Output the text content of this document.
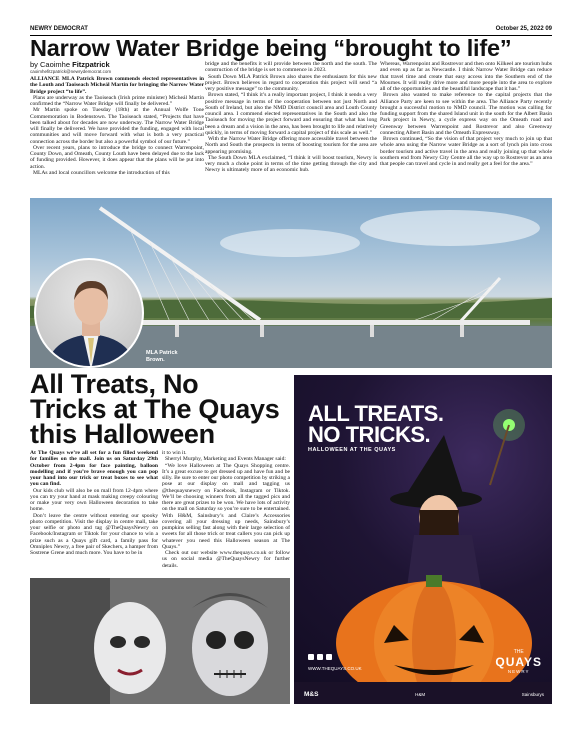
NEWRY DEMOCRAT	October 25, 2022 09
Narrow Water Bridge being “brought to life”
by Caoimhe Fitzpatrick
caoimhefitzpatrick@newrydemocrat.com

ALLIANCE MLA Patrick Brown commends elected representatives in the Louth and Taoiseach Micheál Martin for bringing the Narrow Water Bridge project “to life”.

Plans are underway as the Taoiseach (Irish prime minister) Micheál Martin confirmed the “Narrow Water Bridge will finally be delivered.”

Mr Martin spoke on Tuesday (18th) at the Annual Wolfe Tone Commemoration in Bodenstown. The Taoiseach stated, “Projects that have been talked about for decades are now underway. The Narrow Water Bridge will finally be delivered. We have provided the funding, engaged with local communities and will move forward with what is both a very practical connection across the border but also a powerful symbol of our future.”

Over recent years, plans to introduce the bridge to connect Warrenpoint, County Down, and Omeath, County Louth have been delayed due to the lack of funding provided. However, it does appear that the plans will be put into action.

MLAs and local councillors welcome the introduction of this

bridge and the benefits it will provide between the north and the south. The construction of the bridge is set to commence in 2023.

South Down MLA Patrick Brown also shares the enthusiasm for this new project. Brown believes in regard to cooperation this project will send “a very positive message” to the community.

Brown stated, “I think it’s a really important project, I think it sends a very positive message in terms of the cooperation between not just North and South of Ireland, but also the NMD District council area and Louth County council area. I commend elected representatives in the South and also the Taoiseach for moving the project forward and ensuring that what has long been a dream and a vision in the area, has been brought to life and relatively quickly, in terms of moving forward a capital project of this scale as well.”

With the Narrow Water Bridge offering more accessible travel between the North and South the prospects in terms of boosting tourism for the area are appearing promising.

The South Down MLA exclaimed, “I think it will boost tourism, Newry is very much a choke point in terms of the time getting through the city and Newry is ultimately more of an economic hub.

Whereas, Warrenpoint and Rostrevor and then onto Kilkeel are tourism hubs and even up as far as Newcastle. I think Narrow Water Bridge can reduce that travel time and create that easy access into the Southern end of the Mournes. It will really drive more and more people into the area to explore all of the opportunities and the beautiful landscape that it has.”

Brown also wanted to make reference to the capital projects that the Alliance Party are keen to see within the area. The Alliance Party recently brought a successful motion to NMD council. The motion was calling for funding support from the shared Island unit in the south for the Albert Basin Park project in Newry, a cycle express way on the Omeath road and Greenway between Warrenpoint and Rostrevor and also Greenway connecting Albert Basin and the Omeath Expressway.

Brown continued, “So the vision of that project very much to join up that whole area using the Narrow water Bridge as a sort of lynch pin into cross border tourism and active travel in the area and really joining up that whole southern end from Newry City Centre all the way up to Rostrevor as an area that people can travel and cycle in and really get a feel for the area.”

MLA Patrick
Brown.
All Treats, No
Tricks at The Quays
this Halloween

At The Quays we’re all set for a fun filled weekend for families on the mall. Join us on Saturday 29th October from 2-4pm for face painting, balloon modelling and if you’re brave enough you can pop your hand into our trick or treat boxes to see what you can find.

Our kids club will also be on mall from 12-4pm where you can try your hand at mask making creepy colouring or make your very own Halloween decoration to take home.

Don’t leave the centre without entering our spooky photo competition. Visit the display in centre mall, take your selfie or photo and tag @TheQuaysNewry on Facebook/Instagram or Tiktok for your chance to win a prize such as a Quays gift card, a family pass for Omniplex Newry, a free pair of Skechers, a hamper from Sostrene Grene and much more. You have to be in

it to win it.

Sherryl Murphy, Marketing and Events Manager said:

“We love Halloween at The Quays Shopping centre. It’s a great excuse to get dressed up and have fun and be silly. Be sure to enter our photo competition by striking a pose at our display on mall and tagging us @thequaysnewry on Facebook, Instagram or Tiktok. We’ll be choosing winners from all the tagged pics and there are great prizes to be won. We have lots of activity on the mall on Saturday so you’re sure to be entertained. With H&M, Sainsbury’s and Claire’s Accessories covering all your dressing up needs, Sainsbury’s pumpkins selling fast along with their large selection of sweets for all those trick or treat callers you can pick up whatever you need this Halloween season at The Quays.”

Check out our website www.thequays.co.uk or follow us on social media @TheQuaysNewry for further details.

ALL TREATS.
NO TRICKS.
HALLOWEEN AT THE QUAYS
WWW.THEQUAYS.CO.UK
THE
QUAYS
NEWRY
M&S	H&M	Sainsburys
